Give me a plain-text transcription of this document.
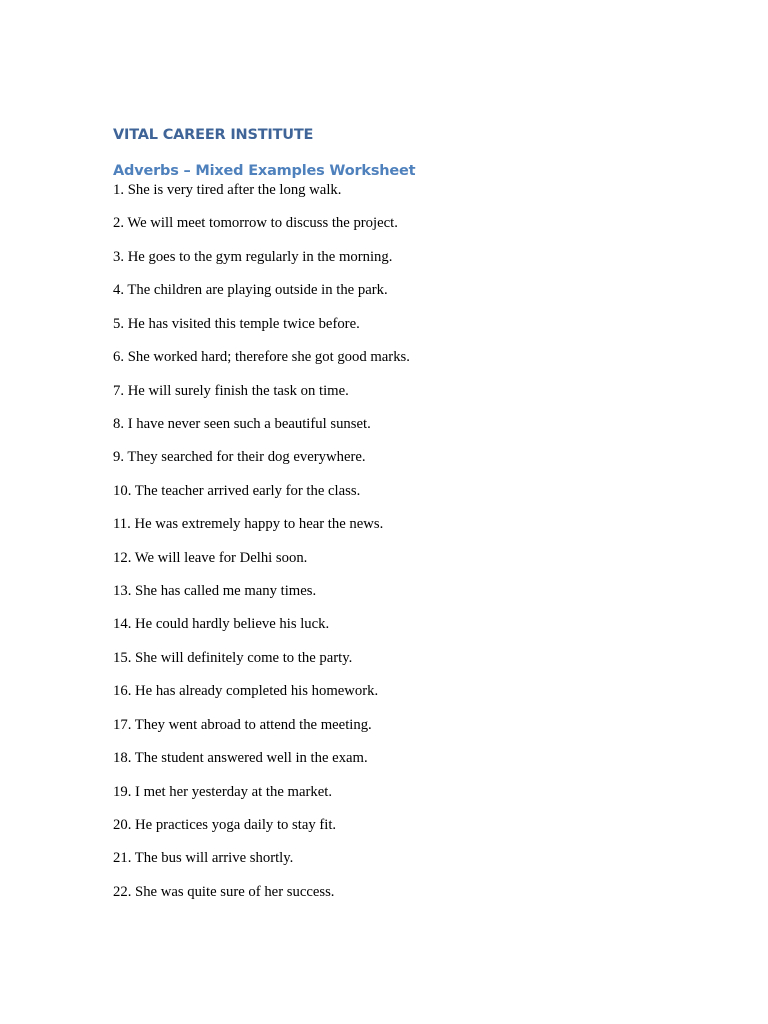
VITAL CAREER INSTITUTE
Adverbs – Mixed Examples Worksheet
1. She is very tired after the long walk.
2. We will meet tomorrow to discuss the project.
3. He goes to the gym regularly in the morning.
4. The children are playing outside in the park.
5. He has visited this temple twice before.
6. She worked hard; therefore she got good marks.
7. He will surely finish the task on time.
8. I have never seen such a beautiful sunset.
9. They searched for their dog everywhere.
10. The teacher arrived early for the class.
11. He was extremely happy to hear the news.
12. We will leave for Delhi soon.
13. She has called me many times.
14. He could hardly believe his luck.
15. She will definitely come to the party.
16. He has already completed his homework.
17. They went abroad to attend the meeting.
18. The student answered well in the exam.
19. I met her yesterday at the market.
20. He practices yoga daily to stay fit.
21. The bus will arrive shortly.
22. She was quite sure of her success.
